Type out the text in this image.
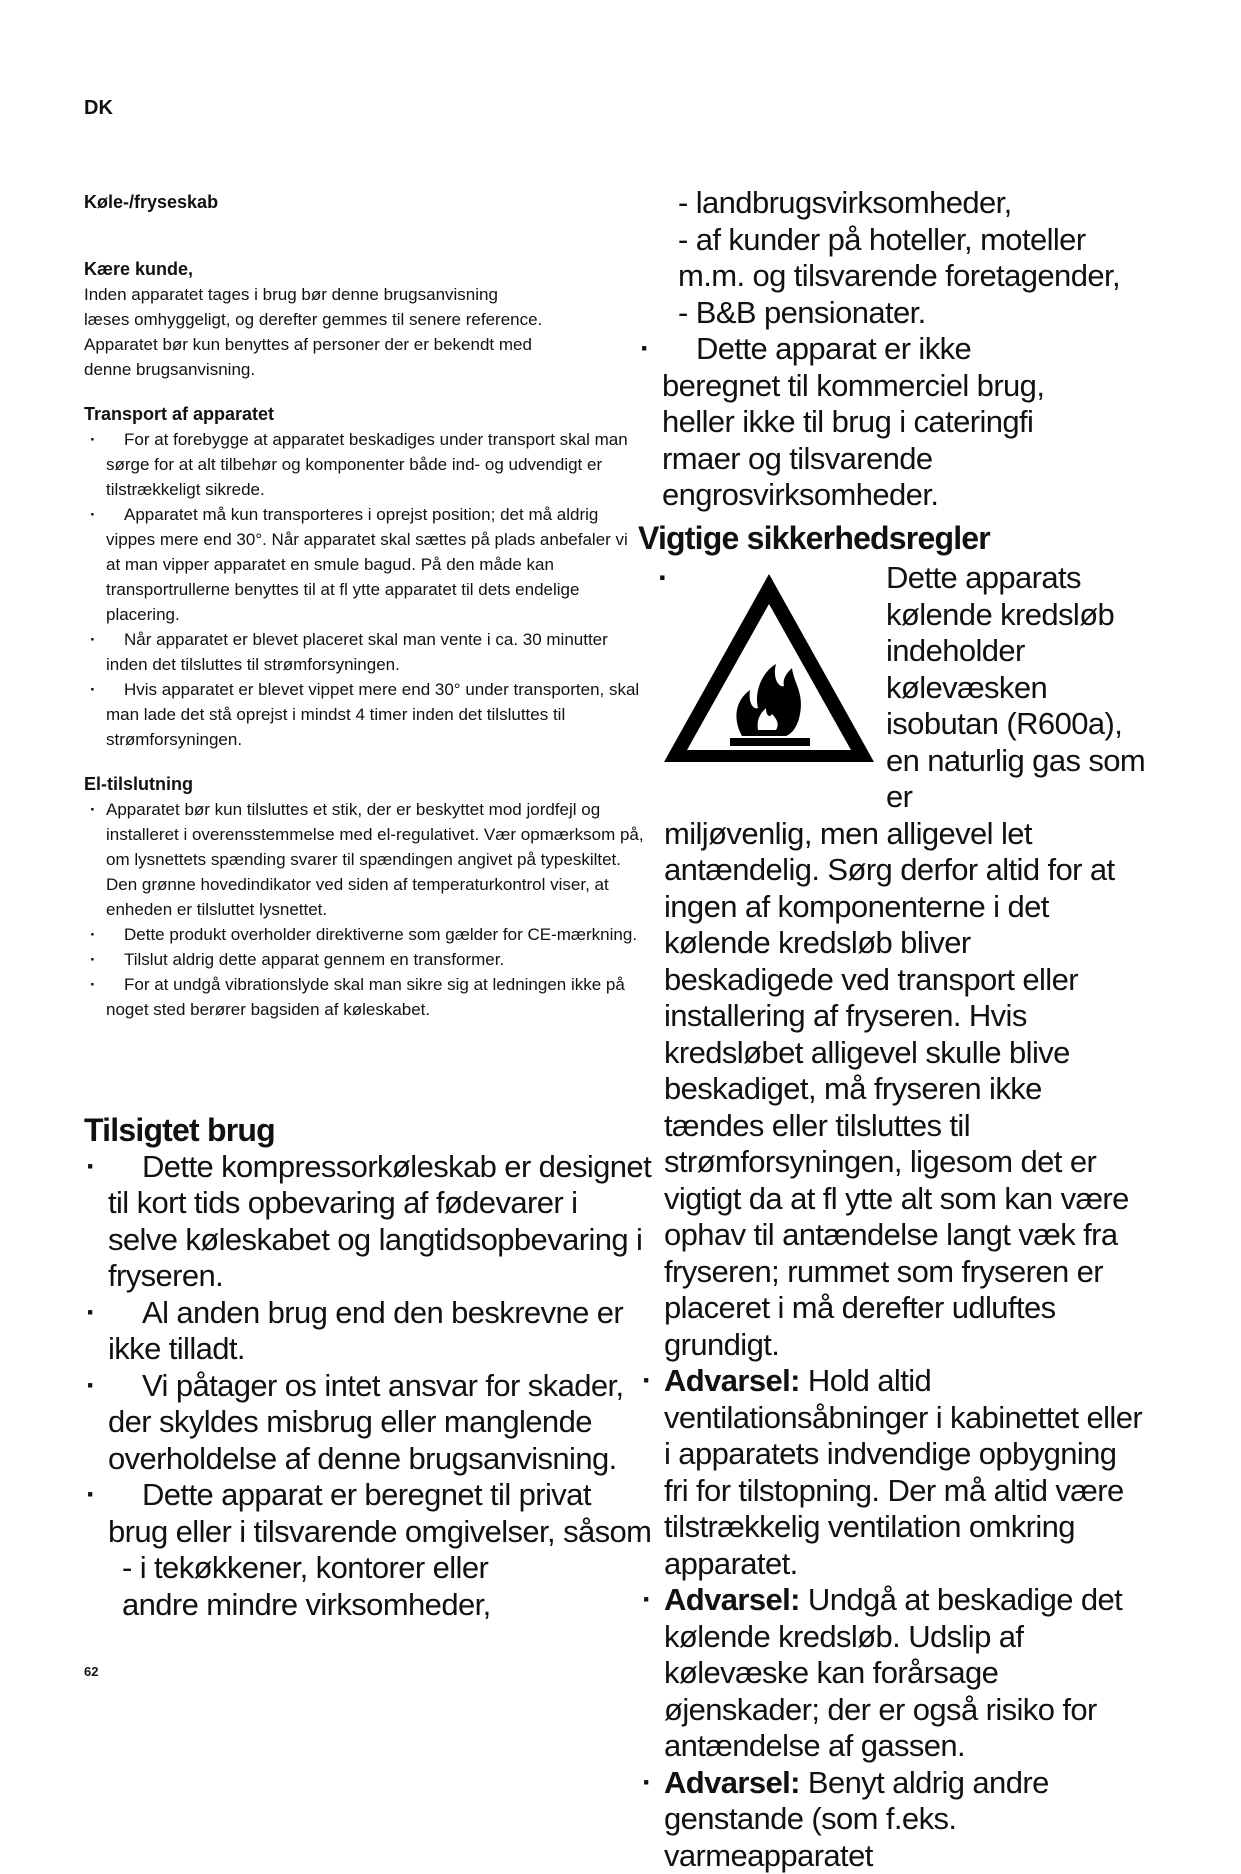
DK
Køle-/fryseskab
Kære kunde,

Inden apparatet tages i brug bør denne brugsanvisning

læses omhyggeligt, og derefter gemmes til senere reference.

Apparatet bør kun benyttes af personer der er bekendt med

denne brugsanvisning.

Transport af apparatet
· For at forebygge at apparatet beskadiges under transport skal man sørge for at alt tilbehør og komponenter både ind- og udvendigt er tilstrækkeligt sikrede.
· Apparatet må kun transporteres i oprejst position; det må aldrig vippes mere end 30°. Når apparatet skal sættes på plads anbefaler vi at man vipper apparatet en smule bagud. På den måde kan transportrullerne benyttes til at fl ytte apparatet til dets endelige placering.
· Når apparatet er blevet placeret skal man vente i ca. 30 minutter inden det tilsluttes til strømforsyningen.
· Hvis apparatet er blevet vippet mere end 30° under transporten, skal man lade det stå oprejst i mindst 4 timer inden det tilsluttes til strømforsyningen.
El-tilslutning
· Apparatet bør kun tilsluttes et stik, der er beskyttet mod jordfejl og installeret i overensstemmelse med el-regulativet. Vær opmærksom på, om lysnettets spænding svarer til spændingen angivet på typeskiltet. Den grønne hovedindikator ved siden af temperaturkontrol viser, at enheden er tilsluttet lysnettet.
· Dette produkt overholder direktiverne som gælder for CE-mærkning.
· Tilslut aldrig dette apparat gennem en transformer.
· For at undgå vibrationslyde skal man sikre sig at ledningen ikke på noget sted berører bagsiden af køleskabet.
Tilsigtet brug
· Dette kompressorkøleskab er designet til kort tids opbevaring af fødevarer i selve køleskabet og langtidsopbevaring i fryseren.
· Al anden brug end den beskrevne er ikke tilladt.
· Vi påtager os intet ansvar for skader, der skyldes misbrug eller manglende overholdelse af denne brugsanvisning.
· Dette apparat er beregnet til privat brug eller i tilsvarende omgivelser, såsom

- i tekøkkener, kontorer eller andre mindre virksomheder,

- landbrugsvirksomheder,

- af kunder på hoteller, moteller m.m. og tilsvarende foretagender,

- B&B pensionater.

· Dette apparat er ikke beregnet til kommerciel brug, heller ikke til brug i cateringfi rmaer og tilsvarende engrosvirksomheder.
Vigtige sikkerhedsregler
·	Dette apparats kølende kredsløb indeholder kølevæsken isobutan (R600a), en naturlig gas som er
miljøvenlig, men alligevel let antændelig. Sørg derfor altid for at ingen af komponenterne i det kølende kredsløb bliver beskadigede ved transport eller installering af fryseren. Hvis kredsløbet alligevel skulle blive beskadiget, må fryseren ikke tændes eller tilsluttes til strømforsyningen, ligesom det er vigtigt da at fl ytte alt som kan være ophav til antændelse langt væk fra fryseren; rummet som fryseren er placeret i må derefter udluftes grundigt.
· Advarsel: Hold altid ventilationsåbninger i kabinettet eller i apparatets indvendige opbygning fri for tilstopning. Der må altid være tilstrækkelig ventilation omkring apparatet.
· Advarsel: Undgå at beskadige det kølende kredsløb. Udslip af kølevæske kan forårsage øjenskader; der er også risiko for antændelse af gassen.
· Advarsel: Benyt aldrig andre genstande (som f.eks. varmeapparatet
62
